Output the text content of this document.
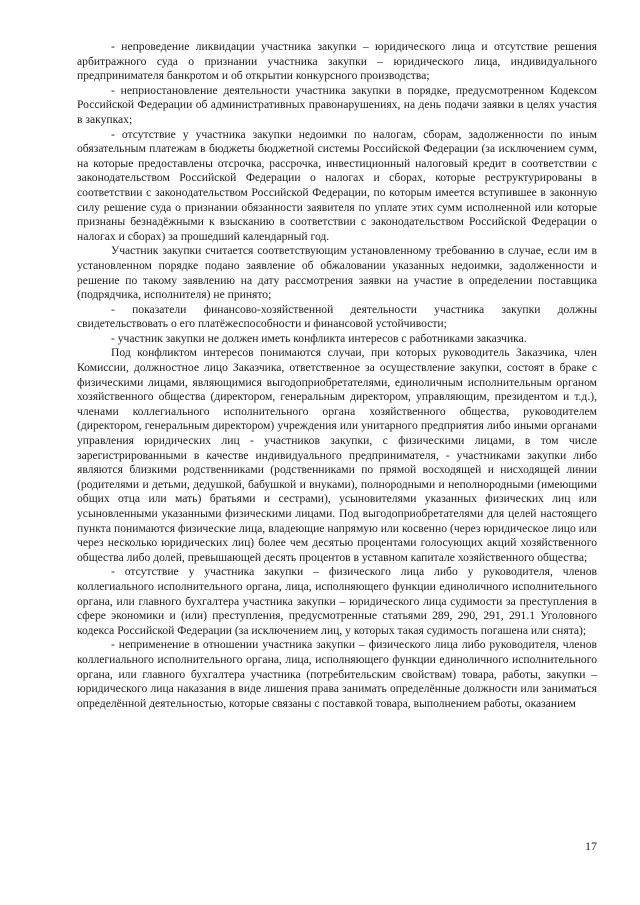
- непроведение ликвидации участника закупки – юридического лица и отсутствие решения арбитражного суда о признании участника закупки – юридического лица, индивидуального предпринимателя банкротом и об открытии конкурсного производства;

- неприостановление деятельности участника закупки в порядке, предусмотренном Кодексом Российской Федерации об административных правонарушениях, на день подачи заявки в целях участия в закупках;

- отсутствие у участника закупки недоимки по налогам, сборам, задолженности по иным обязательным платежам в бюджеты бюджетной системы Российской Федерации (за исключением сумм, на которые предоставлены отсрочка, рассрочка, инвестиционный налоговый кредит в соответствии с законодательством Российской Федерации о налогах и сборах, которые реструктурированы в соответствии с законодательством Российской Федерации, по которым имеется вступившее в законную силу решение суда о признании обязанности заявителя по уплате этих сумм исполненной или которые признаны безнадёжными к взысканию в соответствии с законодательством Российской Федерации о налогах и сборах) за прошедший календарный год.

Участник закупки считается соответствующим установленному требованию в случае, если им в установленном порядке подано заявление об обжаловании указанных недоимки, задолженности и решение по такому заявлению на дату рассмотрения заявки на участие в определении поставщика (подрядчика, исполнителя) не принято;

- показатели финансово-хозяйственной деятельности участника закупки должны свидетельствовать о его платёжеспособности и финансовой устойчивости;

- участник закупки не должен иметь конфликта интересов с работниками заказчика.

Под конфликтом интересов понимаются случаи, при которых руководитель Заказчика, член Комиссии, должностное лицо Заказчика, ответственное за осуществление закупки, состоят в браке с физическими лицами, являющимися выгодоприобретателями, единоличным исполнительным органом хозяйственного общества (директором, генеральным директором, управляющим, президентом и т.д.), членами коллегиального исполнительного органа хозяйственного общества, руководителем (директором, генеральным директором) учреждения или унитарного предприятия либо иными органами управления юридических лиц - участников закупки, с физическими лицами, в том числе зарегистрированными в качестве индивидуального предпринимателя, - участниками закупки либо являются близкими родственниками (родственниками по прямой восходящей и нисходящей линии (родителями и детьми, дедушкой, бабушкой и внуками), полнородными и неполнородными (имеющими общих отца или мать) братьями и сестрами), усыновителями указанных физических лиц или усыновленными указанными физическими лицами. Под выгодоприобретателями для целей настоящего пункта понимаются физические лица, владеющие напрямую или косвенно (через юридическое лицо или через несколько юридических лиц) более чем десятью процентами голосующих акций хозяйственного общества либо долей, превышающей десять процентов в уставном капитале хозяйственного общества;

- отсутствие у участника закупки – физического лица либо у руководителя, членов коллегиального исполнительного органа, лица, исполняющего функции единоличного исполнительного органа, или главного бухгалтера участника закупки – юридического лица судимости за преступления в сфере экономики и (или) преступления, предусмотренные статьями 289, 290, 291, 291.1 Уголовного кодекса Российской Федерации (за исключением лиц, у которых такая судимость погашена или снята);

- неприменение в отношении участника закупки – физического лица либо руководителя, членов коллегиального исполнительного органа, лица, исполняющего функции единоличного исполнительного органа, или главного бухгалтера участника (потребительским свойствам) товара, работы, закупки – юридического лица наказания в виде лишения права занимать определённые должности или заниматься определённой деятельностью, которые связаны с поставкой товара, выполнением работы, оказанием

17
